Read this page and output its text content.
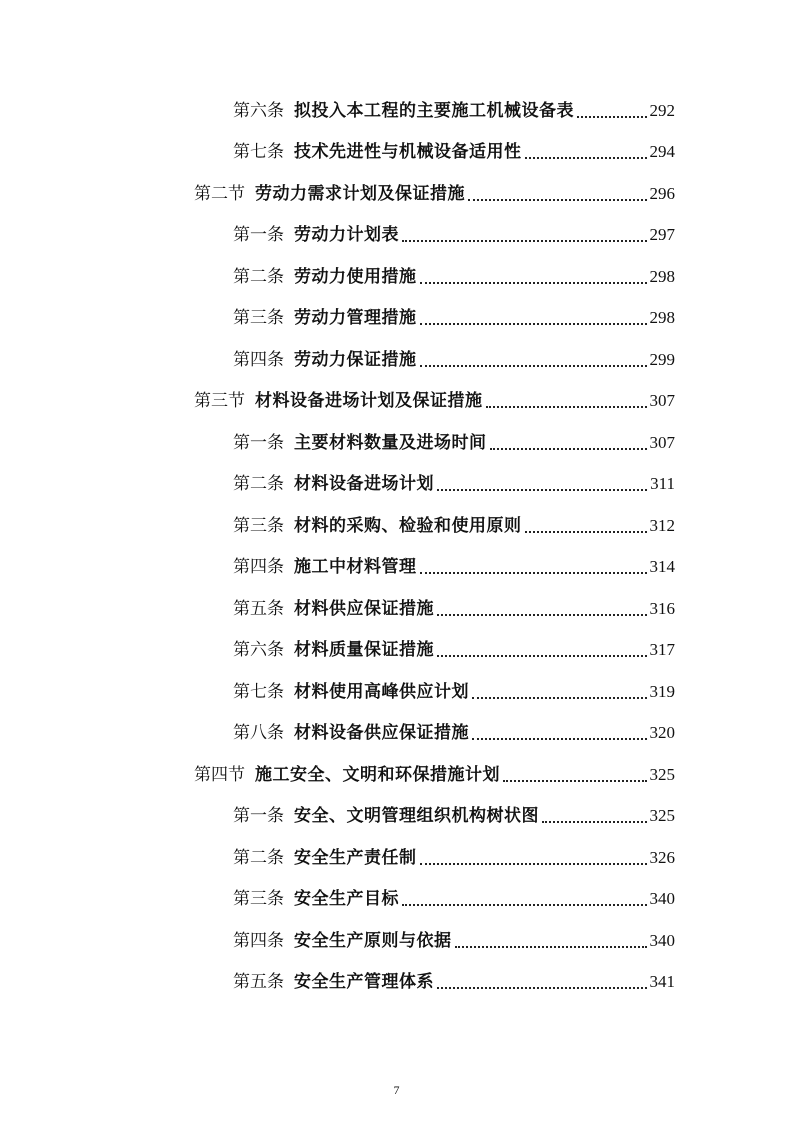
第六条 拟投入本工程的主要施工机械设备表	292
第七条 技术先进性与机械设备适用性	294
第二节 劳动力需求计划及保证措施	296
第一条 劳动力计划表	297
第二条 劳动力使用措施	298
第三条 劳动力管理措施	298
第四条 劳动力保证措施	299
第三节 材料设备进场计划及保证措施	307
第一条 主要材料数量及进场时间	307
第二条 材料设备进场计划	311
第三条 材料的采购、检验和使用原则	312
第四条 施工中材料管理	314
第五条 材料供应保证措施	316
第六条 材料质量保证措施	317
第七条 材料使用高峰供应计划	319
第八条 材料设备供应保证措施	320
第四节 施工安全、文明和环保措施计划	325
第一条 安全、文明管理组织机构树状图	325
第二条 安全生产责任制	326
第三条 安全生产目标	340
第四条 安全生产原则与依据	340
第五条 安全生产管理体系	341
7
